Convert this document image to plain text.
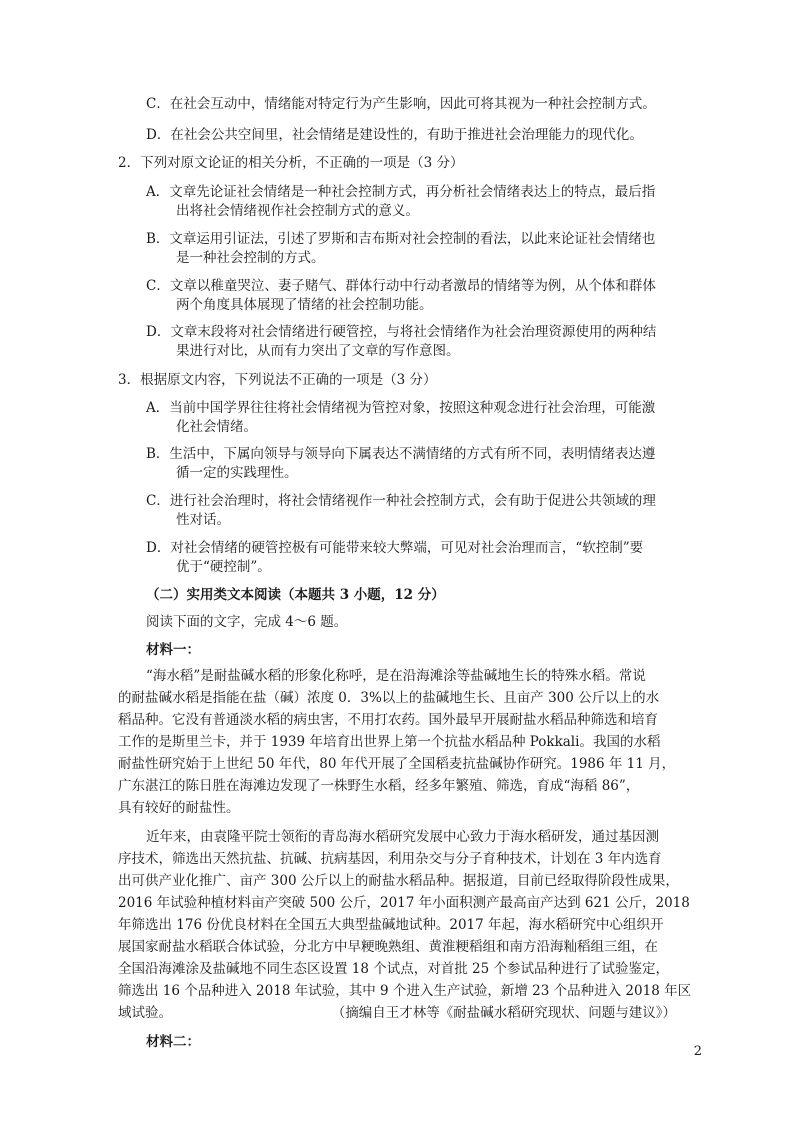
C．在社会互动中，情绪能对特定行为产生影响，因此可将其视为一种社会控制方式。
D．在社会公共空间里，社会情绪是建设性的，有助于推进社会治理能力的现代化。
2．下列对原文论证的相关分析，不正确的一项是（3 分）
A．文章先论证社会情绪是一种社会控制方式，再分析社会情绪表达上的特点，最后指
出将社会情绪视作社会控制方式的意义。
B．文章运用引证法，引述了罗斯和吉布斯对社会控制的看法，以此来论证社会情绪也
是一种社会控制的方式。
C．文章以稚童哭泣、妻子赌气、群体行动中行动者激昂的情绪等为例，从个体和群体
两个角度具体展现了情绪的社会控制功能。
D．文章末段将对社会情绪进行硬管控，与将社会情绪作为社会治理资源使用的两种结
果进行对比，从而有力突出了文章的写作意图。
3．根据原文内容，下列说法不正确的一项是（3 分）
A．当前中国学界往往将社会情绪视为管控对象，按照这种观念进行社会治理，可能激
化社会情绪。
B．生活中，下属向领导与领导向下属表达不满情绪的方式有所不同，表明情绪表达遵
循一定的实践理性。
C．进行社会治理时，将社会情绪视作一种社会控制方式，会有助于促进公共领域的理
性对话。
D．对社会情绪的硬管控极有可能带来较大弊端，可见对社会治理而言，“软控制”要
优于“硬控制”。
（二）实用类文本阅读（本题共 3 小题，12 分）
阅读下面的文字，完成 4～6 题。
材料一：
“海水稻”是耐盐碱水稻的形象化称呼，是在沿海滩涂等盐碱地生长的特殊水稻。常说
的耐盐碱水稻是指能在盐（碱）浓度 0．3%以上的盐碱地生长、且亩产 300 公斤以上的水
稻品种。它没有普通淡水稻的病虫害，不用打农药。国外最早开展耐盐水稻品种筛选和培育
工作的是斯里兰卡，并于 1939 年培育出世界上第一个抗盐水稻品种 Pokkali。我国的水稻
耐盐性研究始于上世纪 50 年代，80 年代开展了全国稻麦抗盐碱协作研究。1986 年 11 月，
广东湛江的陈日胜在海滩边发现了一株野生水稻，经多年繁殖、筛选，育成“海稻 86”，
具有较好的耐盐性。
近年来，由袁隆平院士领衔的青岛海水稻研究发展中心致力于海水稻研发，通过基因测
序技术，筛选出天然抗盐、抗碱、抗病基因，利用杂交与分子育种技术，计划在 3 年内选育
出可供产业化推广、亩产 300 公斤以上的耐盐水稻品种。据报道，目前已经取得阶段性成果，
2016 年试验种植材料亩产突破 500 公斤，2017 年小面积测产最高亩产达到 621 公斤，2018
年筛选出 176 份优良材料在全国五大典型盐碱地试种。2017 年起，海水稻研究中心组织开
展国家耐盐水稻联合体试验，分北方中早粳晚熟组、黄淮粳稻组和南方沿海籼稻组三组，在
全国沿海滩涂及盐碱地不同生态区设置 18 个试点，对首批 25 个参试品种进行了试验鉴定，
筛选出 16 个品种进入 2018 年试验，其中 9 个进入生产试验，新增 23 个品种进入 2018 年区
域试验。	（摘编自王才林等《耐盐碱水稻研究现状、问题与建议》）
材料二：
2
